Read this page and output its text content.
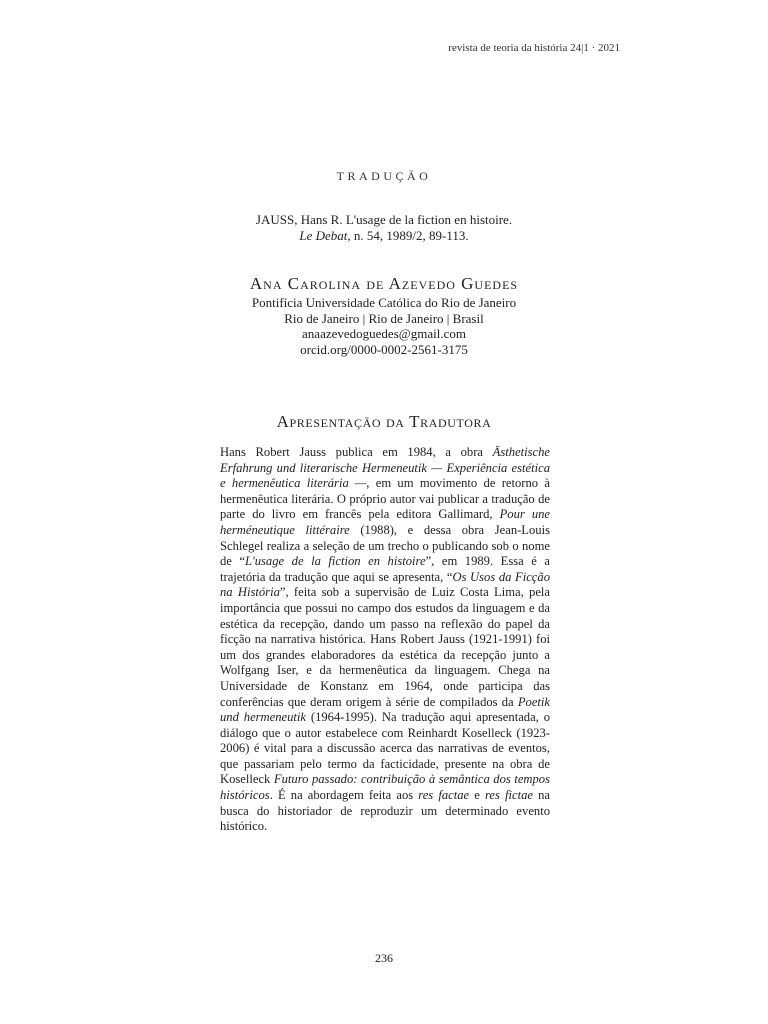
revista de teoria da história 24|1 · 2021
TRADUÇÃO
JAUSS, Hans R. L'usage de la fiction en histoire.
Le Debat, n. 54, 1989/2, 89-113.
Ana Carolina de Azevedo Guedes
Pontifícia Universidade Católica do Rio de Janeiro
Rio de Janeiro | Rio de Janeiro | Brasil
anaazevedoguedes@gmail.com
orcid.org/0000-0002-2561-3175
Apresentação da Tradutora
Hans Robert Jauss publica em 1984, a obra Ästhetische Erfahrung und literarische Hermeneutik — Experiência estética e hermenêutica literária —, em um movimento de retorno à hermenêutica literária. O próprio autor vai publicar a tradução de parte do livro em francês pela editora Gallimard, Pour une herméneutique littéraire (1988), e dessa obra Jean-Louis Schlegel realiza a seleção de um trecho o publicando sob o nome de “L'usage de la fiction en histoire”, em 1989. Essa é a trajetória da tradução que aqui se apresenta, “Os Usos da Ficção na História”, feita sob a supervisão de Luiz Costa Lima, pela importância que possui no campo dos estudos da linguagem e da estética da recepção, dando um passo na reflexão do papel da ficção na narrativa histórica. Hans Robert Jauss (1921-1991) foi um dos grandes elaboradores da estética da recepção junto a Wolfgang Iser, e da hermenêutica da linguagem. Chega na Universidade de Konstanz em 1964, onde participa das conferências que deram origem à série de compilados da Poetik und hermeneutik (1964-1995). Na tradução aqui apresentada, o diálogo que o autor estabelece com Reinhardt Koselleck (1923-2006) é vital para a discussão acerca das narrativas de eventos, que passariam pelo termo da facticidade, presente na obra de Koselleck Futuro passado: contribuição à semântica dos tempos históricos. É na abordagem feita aos res factae e res fictae na busca do historiador de reproduzir um determinado evento histórico.
236
